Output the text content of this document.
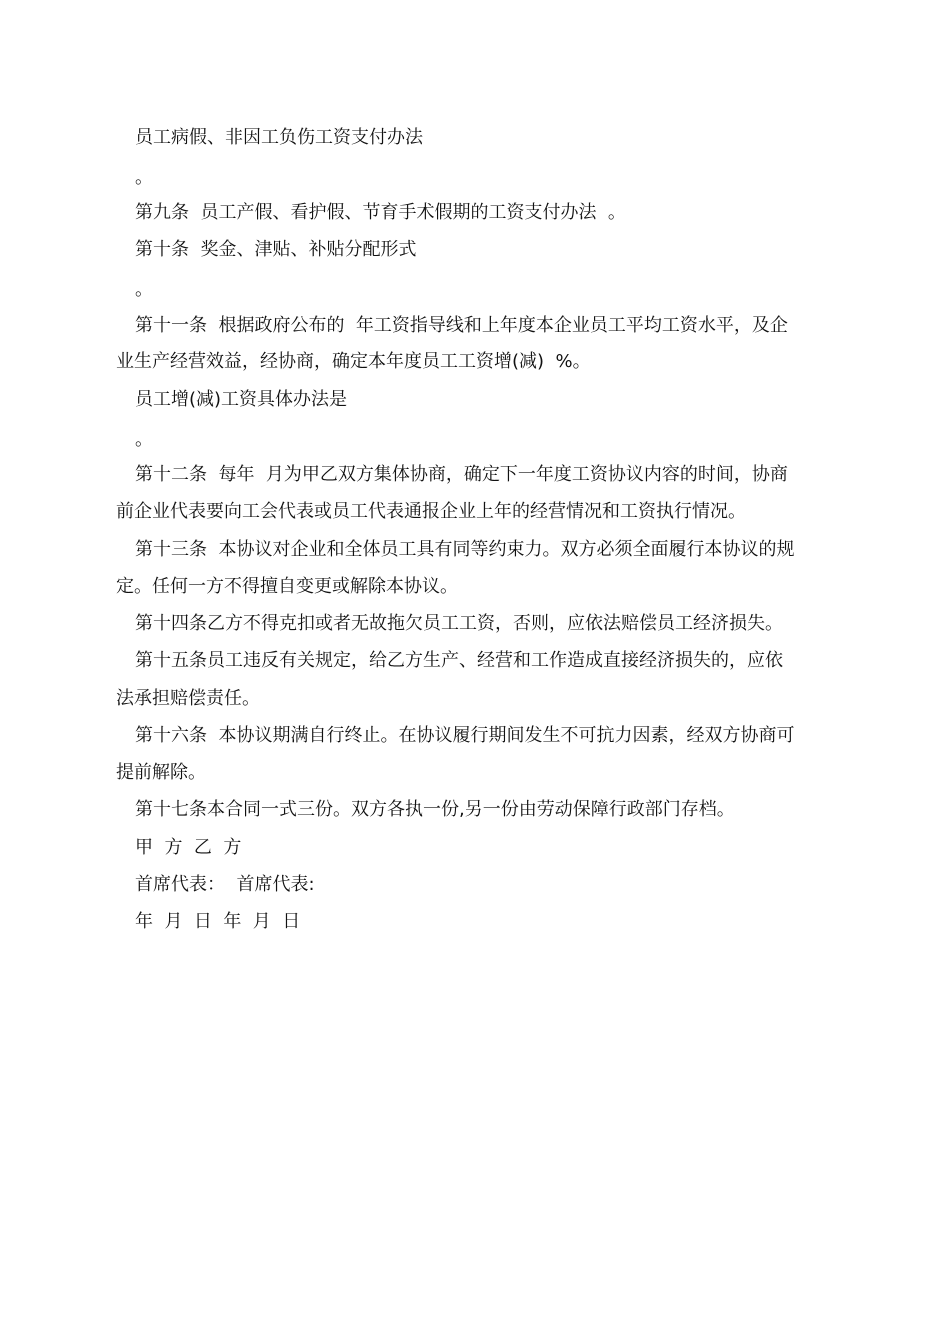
员工病假、非因工负伤工资支付办法
。
第九条  员工产假、看护假、节育手术假期的工资支付办法  。
第十条  奖金、津贴、补贴分配形式
。
第十一条  根据政府公布的  年工资指导线和上年度本企业员工平均工资水平，及企
业生产经营效益，经协商，确定本年度员工工资增(减)  %。
员工增(减)工资具体办法是
。
第十二条  每年  月为甲乙双方集体协商，确定下一年度工资协议内容的时间，协商
前企业代表要向工会代表或员工代表通报企业上年的经营情况和工资执行情况。
第十三条  本协议对企业和全体员工具有同等约束力。双方必须全面履行本协议的规
定。任何一方不得擅自变更或解除本协议。
第十四条乙方不得克扣或者无故拖欠员工工资，否则，应依法赔偿员工经济损失。
第十五条员工违反有关规定，给乙方生产、经营和工作造成直接经济损失的，应依
法承担赔偿责任。
第十六条  本协议期满自行终止。在协议履行期间发生不可抗力因素，经双方协商可
提前解除。
第十七条本合同一式三份。双方各执一份,另一份由劳动保障行政部门存档。
甲  方  乙  方
首席代表：  首席代表:
年  月  日  年  月  日
